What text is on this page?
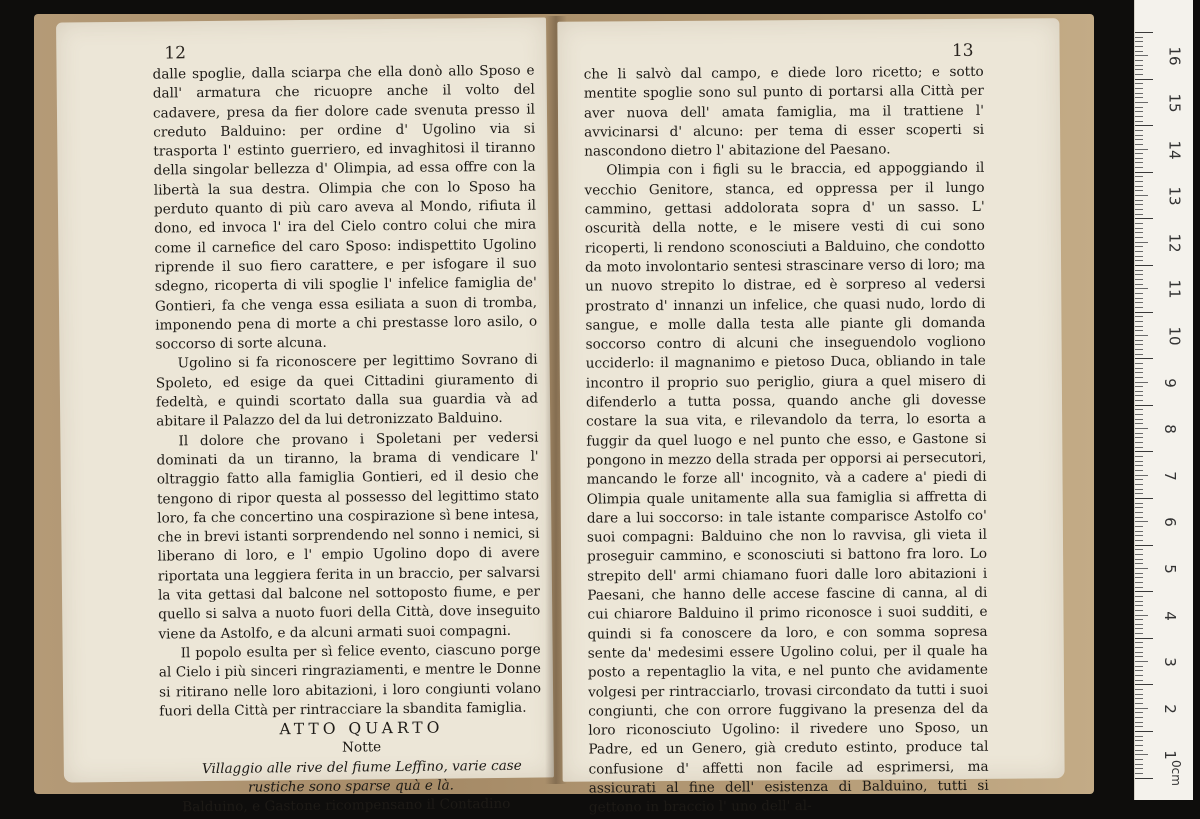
12

dalle spoglie, dalla sciarpa che ella donò allo Sposo e dall' armatura che ricuopre anche il volto del cadavere, presa da fier dolore cade svenuta presso il creduto Balduino: per ordine d' Ugolino via si trasporta l' estinto guerriero, ed invaghitosi il tiranno della singolar bellezza d' Olimpia, ad essa offre con la libertà la sua destra. Olimpia che con lo Sposo ha perduto quanto di più caro aveva al Mondo, rifiuta il dono, ed invoca l' ira del Cielo contro colui che mira come il carnefice del caro Sposo: indispettito Ugolino riprende il suo fiero carattere, e per isfogare il suo sdegno, ricoperta di vili spoglie l' infelice famiglia de' Gontieri, fa che venga essa esiliata a suon di tromba, imponendo pena di morte a chi prestasse loro asilo, o soccorso di sorte alcuna.

Ugolino si fa riconoscere per legittimo Sovrano di Spoleto, ed esige da quei Cittadini giuramento di fedeltà, e quindi scortato dalla sua guardia và ad abitare il Palazzo del da lui detronizzato Balduino.

Il dolore che provano i Spoletani per vedersi dominati da un tiranno, la brama di vendicare l' oltraggio fatto alla famiglia Gontieri, ed il desio che tengono di ripor questa al possesso del legittimo stato loro, fa che concertino una cospirazione sì bene intesa, che in brevi istanti sorprendendo nel sonno i nemici, si liberano di loro, e l' empio Ugolino dopo di avere riportata una leggiera ferita in un braccio, per salvarsi la vita gettasi dal balcone nel sottoposto fiume, e per quello si salva a nuoto fuori della Città, dove inseguito viene da Astolfo, e da alcuni armati suoi compagni.

Il popolo esulta per sì felice evento, ciascuno porge al Cielo i più sinceri ringraziamenti, e mentre le Donne si ritirano nelle loro abitazioni, i loro congiunti volano fuori della Città per rintracciare la sbandita famiglia.

ATTO QUARTO

Notte

Villaggio alle rive del fiume Leffino, varie case rustiche sono sparse quà e là.

Balduino, e Gastone ricompensano il Contadino

13

che li salvò dal campo, e diede loro ricetto; e sotto mentite spoglie sono sul punto di portarsi alla Città per aver nuova dell' amata famiglia, ma il trattiene l' avvicinarsi d' alcuno: per tema di esser scoperti si nascondono dietro l' abitazione del Paesano.

Olimpia con i figli su le braccia, ed appoggiando il vecchio Genitore, stanca, ed oppressa per il lungo cammino, gettasi addolorata sopra d' un sasso. L' oscurità della notte, e le misere vesti di cui sono ricoperti, li rendono sconosciuti a Balduino, che condotto da moto involontario sentesi strascinare verso di loro; ma un nuovo strepito lo distrae, ed è sorpreso al vedersi prostrato d' innanzi un infelice, che quasi nudo, lordo di sangue, e molle dalla testa alle piante gli domanda soccorso contro di alcuni che inseguendolo vogliono ucciderlo: il magnanimo e pietoso Duca, obliando in tale incontro il proprio suo periglio, giura a quel misero di difenderlo a tutta possa, quando anche gli dovesse costare la sua vita, e rilevandolo da terra, lo esorta a fuggir da quel luogo e nel punto che esso, e Gastone si pongono in mezzo della strada per opporsi ai persecutori, mancando le forze all' incognito, và a cadere a' piedi di Olimpia quale unitamente alla sua famiglia si affretta di dare a lui soccorso: in tale istante comparisce Astolfo co' suoi compagni: Balduino che non lo ravvisa, gli vieta il proseguir cammino, e sconosciuti si battono fra loro. Lo strepito dell' armi chiamano fuori dalle loro abitazioni i Paesani, che hanno delle accese fascine di canna, al di cui chiarore Balduino il primo riconosce i suoi sudditi, e quindi si fa conoscere da loro, e con somma sopresa sente da' medesimi essere Ugolino colui, per il quale ha posto a repentaglio la vita, e nel punto che avidamente volgesi per rintracciarlo, trovasi circondato da tutti i suoi congiunti, che con orrore fuggivano la presenza del da loro riconosciuto Ugolino: il rivedere uno Sposo, un Padre, ed un Genero, già creduto estinto, produce tal confusione d' affetti non facile ad esprimersi, ma assicurati al fine dell' esistenza di Balduino, tutti si gettono in braccio l' uno dell' al-

0cm
16
15
14
13
12
11
10
9
8
7
6
5
4
3
2
1
